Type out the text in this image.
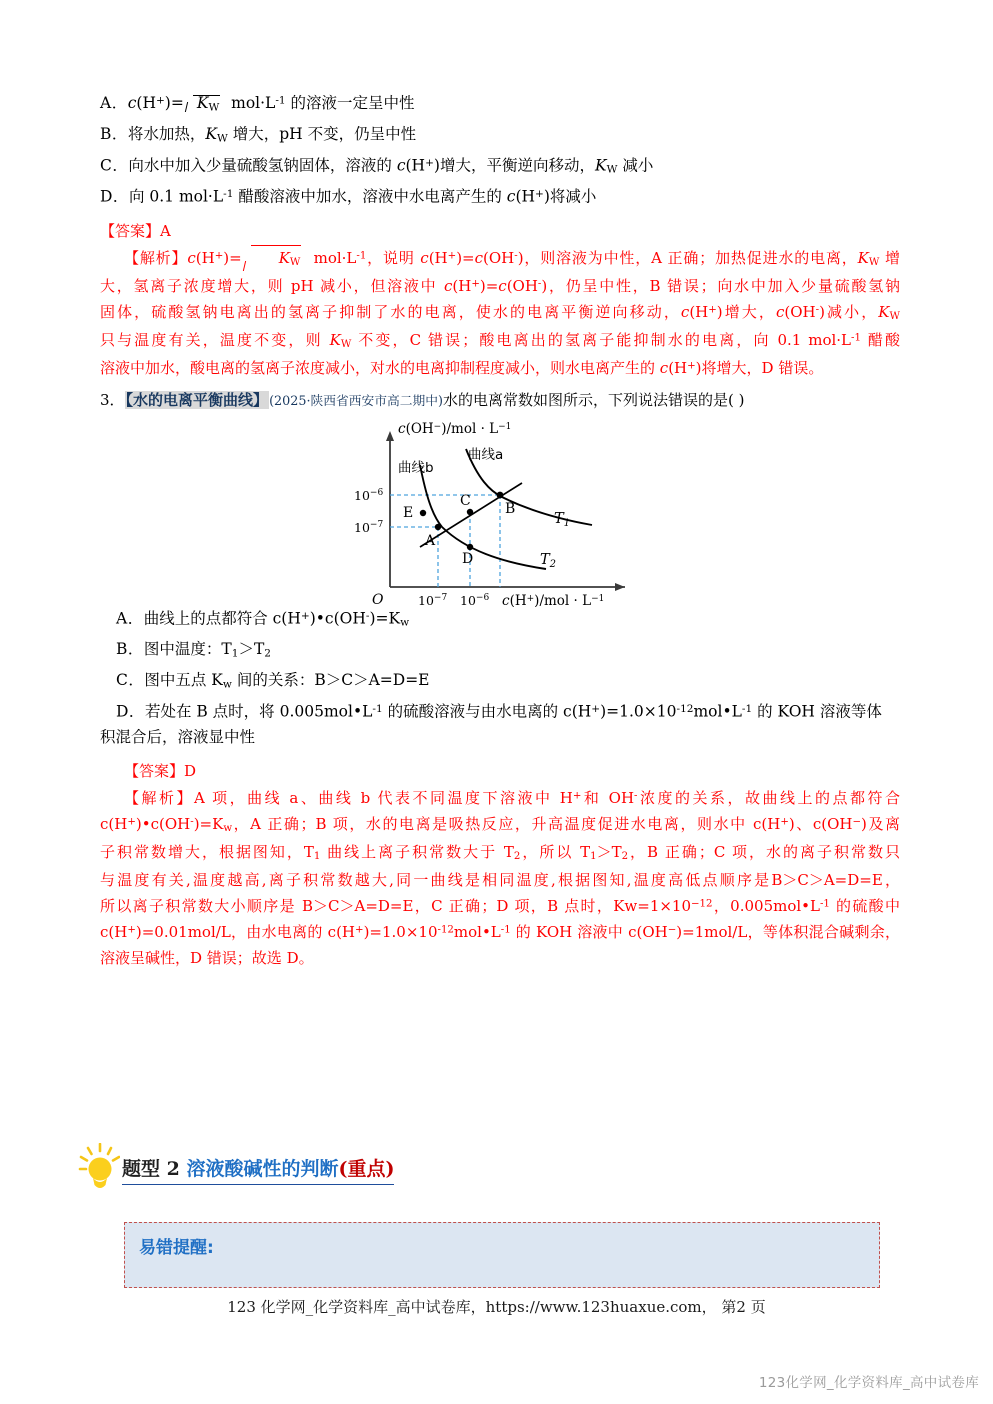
A．$c(H^+)= K_W$  $mol\cdot L^{-1}$ 的溶液一定呈中性
B．将水加热，$K_W$ 增大，pH 不变，仍呈中性
C．向水中加入少量硫酸氢钠固体，溶液的 c(H+)增大，平衡逆向移动，$K_W$ 减小
D．向 0.1 $mol\cdot L^{-1}$ 醋酸溶液中加水，溶液中水电离产生的 c(H+)将减小
【答案】A
【解析】$c(H^+)= K_W$  $mol\cdot L^{-1}$，说明 c(H+)=c(OH-)，则溶液为中性，A 正确；加热促进水的电离，$K_W$ 增
大，氢离子浓度增大，则 pH 减小，但溶液中 c(H+)=c(OH-)，仍呈中性，B 错误；向水中加入少量硫酸氢钠
固体，硫酸氢钠电离出的氢离子抑制了水的电离，使水的电离平衡逆向移动，c(H+)增大，c(OH-)减小，$K_W$
只与温度有关，温度不变，则 $K_W$ 不变，C 错误；酸电离出的氢离子能抑制水的电离，向 0.1 $mol\cdot L^{-1}$ 醋酸
溶液中加水，酸电离的氢离子浓度减小，对水的电离抑制程度减小，则水电离产生的 c(H+)将增大，D 错误。
3．【水的电离平衡曲线】(2025·陕西省西安市高二期中)水的电离常数如图所示，下列说法错误的是( )
A
B
C
D
E
曲线b
曲线a
$T_1$
$T_2$
$10^{-6}$
$10^{-7}$
$10^{-7}$ $10^{-6}$
O
$c(OH^-)/mol \cdot L^{-1}$
$c(H^+)/mol \cdot L^{-1}$
A．曲线上的点都符合 $c(H^+)•c(OH^-)=K_w$
B．图中温度：$T_1>T_2$
C．图中五点 $K_w$ 间的关系：B＞C＞A=D=E
D．若处在 B 点时，将 $0.005mol•L^{-1}$ 的硫酸溶液与由水电离的 $c(H^+)=1.0\times 10^{-12}mol•L^{-1}$ 的 KOH 溶液等体
积混合后，溶液显中性
【答案】D
【解析】A 项，曲线 a、曲线 b 代表不同温度下溶液中 H+和 OH-浓度的关系，故曲线上的点都符合
$c(H^+)•c(OH^-)=K_w$，A 正确；B 项，水的电离是吸热反应，升高温度促进水电离，则水中 c(H+)、c(OH−)及离
子积常数增大，根据图知，$T_1$ 曲线上离子积常数大于 $T_2$，所以 $T_1>T_2$，B 正确；C 项，水的离子积常数只
与温度有关,温度越高,离子积常数越大,同一曲线是相同温度,根据图知,温度高低点顺序是B＞C＞A=D=E，
所以离子积常数大小顺序是 B＞C＞A=D=E，C 正确；D 项，B 点时，$Kw=1\times 10^{-12}$，$0.005mol•L^{-1}$ 的硫酸中
c(H+)=0.01mol/L，由水电离的 $c(H^+)=1.0\times 10^{-12}mol•L^{-1}$ 的 KOH 溶液中 c(OH−)=1mol/L，等体积混合碱剩余，
溶液呈碱性，D 错误；故选 D。
题型 2 溶液酸碱性的判断(重点)
易错提醒:
123 化学网_化学资料库_高中试卷库，https://www.123huaxue.com， 第2 页
123化学网_化学资料库_高中试卷库
